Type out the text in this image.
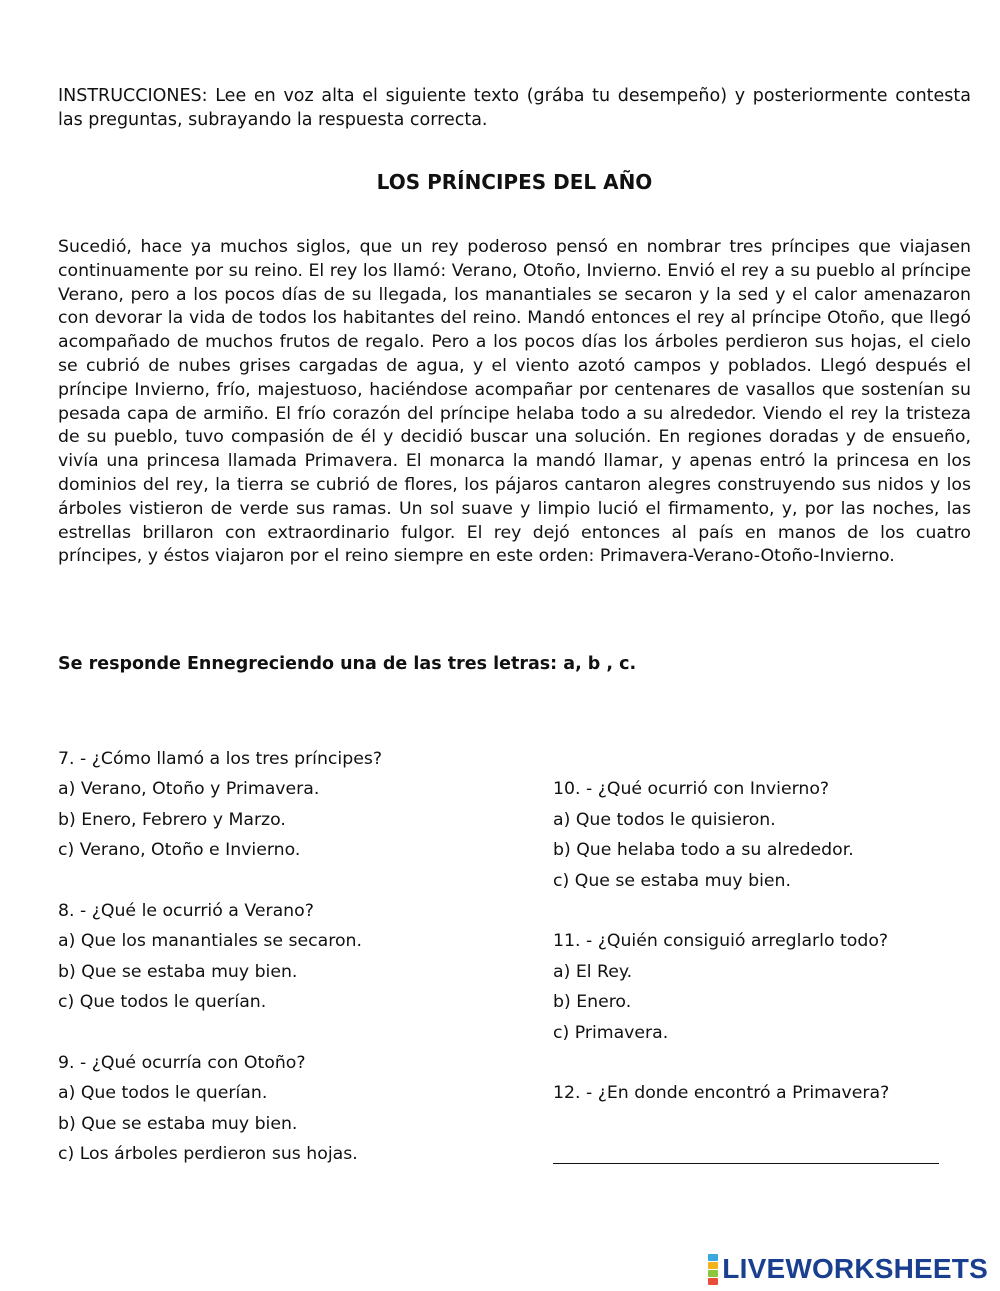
INSTRUCCIONES: Lee en voz alta el siguiente texto (grába tu desempeño) y posteriormente contesta las preguntas, subrayando la respuesta correcta.

LOS PRÍNCIPES DEL AÑO

Sucedió, hace ya muchos siglos, que un rey poderoso pensó en nombrar tres príncipes que viajasen continuamente por su reino. El rey los llamó: Verano, Otoño, Invierno. Envió el rey a su pueblo al príncipe Verano, pero a los pocos días de su llegada, los manantiales se secaron y la sed y el calor amenazaron con devorar la vida de todos los habitantes del reino. Mandó entonces el rey al príncipe Otoño, que llegó acompañado de muchos frutos de regalo. Pero a los pocos días los árboles perdieron sus hojas, el cielo se cubrió de nubes grises cargadas de agua, y el viento azotó campos y poblados. Llegó después el príncipe Invierno, frío, majestuoso, haciéndose acompañar por centenares de vasallos que sostenían su pesada capa de armiño. El frío corazón del príncipe helaba todo a su alrededor. Viendo el rey la tristeza de su pueblo, tuvo compasión de él y decidió buscar una solución. En regiones doradas y de ensueño, vivía una princesa llamada Primavera. El monarca la mandó llamar, y apenas entró la princesa en los dominios del rey, la tierra se cubrió de flores, los pájaros cantaron alegres construyendo sus nidos y los árboles vistieron de verde sus ramas. Un sol suave y limpio lució el firmamento, y, por las noches, las estrellas brillaron con extraordinario fulgor. El rey dejó entonces al país en manos de los cuatro príncipes, y éstos viajaron por el reino siempre en este orden: Primavera-Verano-Otoño-Invierno.

Se responde Ennegreciendo una de las tres letras: a, b , c.

7. - ¿Cómo llamó a los tres príncipes?
a) Verano, Otoño y Primavera.
b) Enero, Febrero y Marzo.
c) Verano, Otoño e Invierno.
8. - ¿Qué le ocurrió a Verano?
a) Que los manantiales se secaron.
b) Que se estaba muy bien.
c) Que todos le querían.
9. - ¿Qué ocurría con Otoño?
a) Que todos le querían.
b) Que se estaba muy bien.
c) Los árboles perdieron sus hojas.
10. - ¿Qué ocurrió con Invierno?
a) Que todos le quisieron.
b) Que helaba todo a su alrededor.
c) Que se estaba muy bien.
11. - ¿Quién consiguió arreglarlo todo?
a) El Rey.
b) Enero.
c) Primavera.
12. - ¿En donde encontró a Primavera?
LIVEWORKSHEETS
